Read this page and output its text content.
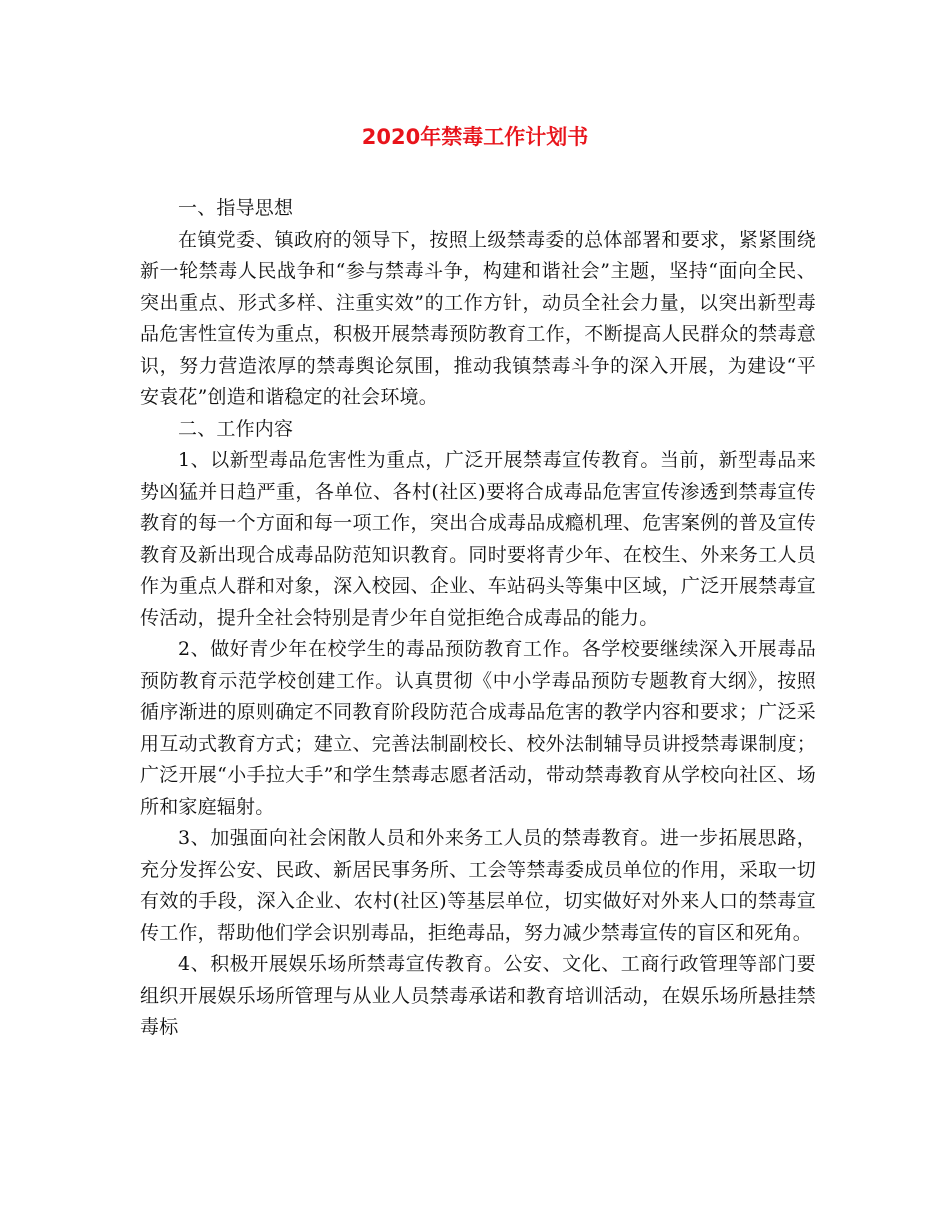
2020年禁毒工作计划书

一、指导思想

在镇党委、镇政府的领导下，按照上级禁毒委的总体部署和要求，紧紧围绕新一轮禁毒人民战争和“参与禁毒斗争，构建和谐社会”主题，坚持“面向全民、突出重点、形式多样、注重实效”的工作方针，动员全社会力量，以突出新型毒品危害性宣传为重点，积极开展禁毒预防教育工作，不断提高人民群众的禁毒意识，努力营造浓厚的禁毒舆论氛围，推动我镇禁毒斗争的深入开展，为建设“平安袁花”创造和谐稳定的社会环境。

二、工作内容

1、以新型毒品危害性为重点，广泛开展禁毒宣传教育。当前，新型毒品来势凶猛并日趋严重，各单位、各村(社区)要将合成毒品危害宣传渗透到禁毒宣传教育的每一个方面和每一项工作，突出合成毒品成瘾机理、危害案例的普及宣传教育及新出现合成毒品防范知识教育。同时要将青少年、在校生、外来务工人员作为重点人群和对象，深入校园、企业、车站码头等集中区域，广泛开展禁毒宣传活动，提升全社会特别是青少年自觉拒绝合成毒品的能力。

2、做好青少年在校学生的毒品预防教育工作。各学校要继续深入开展毒品预防教育示范学校创建工作。认真贯彻《中小学毒品预防专题教育大纲》，按照循序渐进的原则确定不同教育阶段防范合成毒品危害的教学内容和要求；广泛采用互动式教育方式；建立、完善法制副校长、校外法制辅导员讲授禁毒课制度；广泛开展“小手拉大手”和学生禁毒志愿者活动，带动禁毒教育从学校向社区、场所和家庭辐射。

3、加强面向社会闲散人员和外来务工人员的禁毒教育。进一步拓展思路，充分发挥公安、民政、新居民事务所、工会等禁毒委成员单位的作用，采取一切有效的手段，深入企业、农村(社区)等基层单位，切实做好对外来人口的禁毒宣传工作，帮助他们学会识别毒品，拒绝毒品，努力减少禁毒宣传的盲区和死角。

4、积极开展娱乐场所禁毒宣传教育。公安、文化、工商行政管理等部门要组织开展娱乐场所管理与从业人员禁毒承诺和教育培训活动，在娱乐场所悬挂禁毒标
